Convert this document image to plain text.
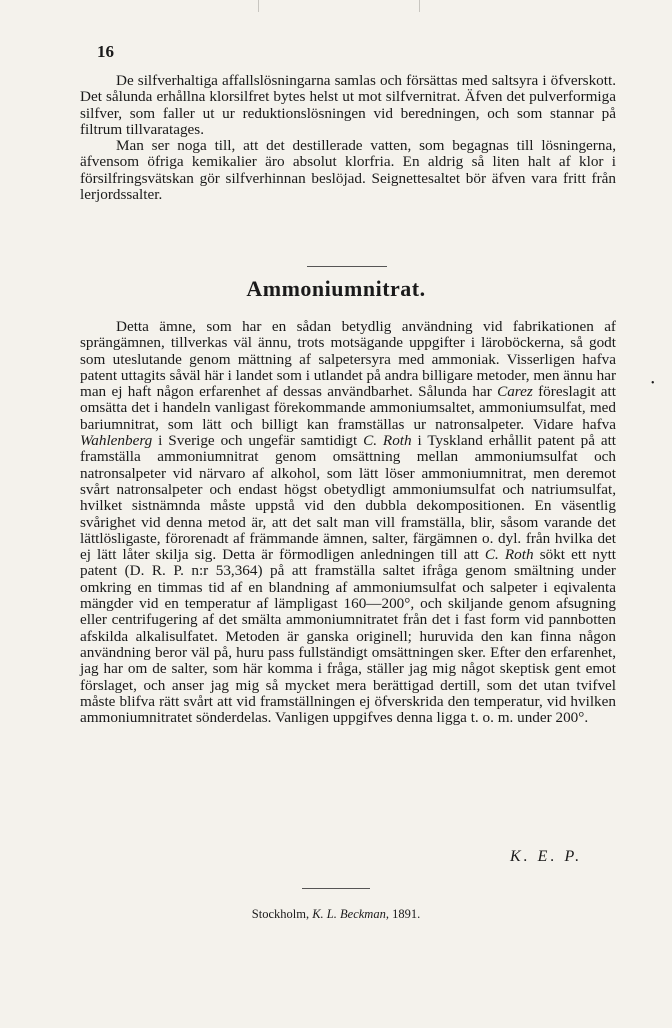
16

De silfverhaltiga affallslösningarna samlas och försättas med saltsyra i öfverskott. Det sålunda erhållna klorsilfret bytes helst ut mot silfvernitrat. Äfven det pulverformiga silfver, som faller ut ur reduktionslösningen vid beredningen, och som stannar på filtrum tillvaratages.

Man ser noga till, att det destillerade vatten, som begagnas till lösningerna, äfvensom öfriga kemikalier äro absolut klorfria. En aldrig så liten halt af klor i försilfringsvätskan gör silfverhinnan beslöjad. Seignettesaltet bör äfven vara fritt från lerjordssalter.

Ammoniumnitrat.

Detta ämne, som har en sådan betydlig användning vid fabrikationen af sprängämnen, tillverkas väl ännu, trots motsägande uppgifter i läroböckerna, så godt som uteslutande genom mättning af salpetersyra med ammoniak. Visserligen hafva patent uttagits såväl här i landet som i utlandet på andra billigare metoder, men ännu har man ej haft någon erfarenhet af dessas användbarhet. Sålunda har Carez föreslagit att omsätta det i handeln vanligast förekommande ammoniumsaltet, ammoniumsulfat, med bariumnitrat, som lätt och billigt kan framställas ur natronsalpeter. Vidare hafva Wahlenberg i Sverige och ungefär samtidigt C. Roth i Tyskland erhållit patent på att framställa ammoniumnitrat genom omsättning mellan ammoniumsulfat och natronsalpeter vid närvaro af alkohol, som lätt löser ammoniumnitrat, men deremot svårt natronsalpeter och endast högst obetydligt ammoniumsulfat och natriumsulfat, hvilket sistnämnda måste uppstå vid den dubbla dekompositionen. En väsentlig svårighet vid denna metod är, att det salt man vill framställa, blir, såsom varande det lättlösligaste, förorenadt af främmande ämnen, salter, färgämnen o. dyl. från hvilka det ej lätt låter skilja sig. Detta är förmodligen anledningen till att C. Roth sökt ett nytt patent (D. R. P. n:r 53,364) på att framställa saltet ifråga genom smältning under omkring en timmas tid af en blandning af ammoniumsulfat och salpeter i eqivalenta mängder vid en temperatur af lämpligast 160—200°, och skiljande genom afsugning eller centrifugering af det smälta ammoniumnitratet från det i fast form vid pannbotten afskilda alkalisulfatet. Metoden är ganska originell; huruvida den kan finna någon användning beror väl på, huru pass fullständigt omsättningen sker. Efter den erfarenhet, jag har om de salter, som här komma i fråga, ställer jag mig något skeptisk gent emot förslaget, och anser jag mig så mycket mera berättigad dertill, som det utan tvifvel måste blifva rätt svårt att vid framställningen ej öfverskrida den temperatur, vid hvilken ammoniumnitratet sönderdelas. Vanligen uppgifves denna ligga t. o. m. under 200°.

K. E. P.
Stockholm, K. L. Beckman, 1891.
•
